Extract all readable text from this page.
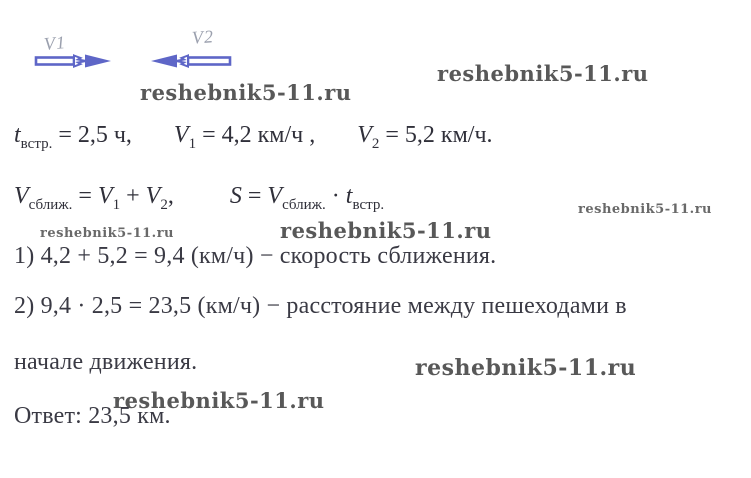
V1	V2
reshebnik5-11.ru
reshebnik5-11.ru
reshebnik5-11.ru
reshebnik5-11.ru	reshebnik5-11.ru
reshebnik5-11.ru
reshebnik5-11.ru
$t_{встр.} = 2,5$ ч, $V_1 = 4,2$ км/ч , $V_2 = 5,2$ км/ч.
$V_{сближ.} = V_1 + V_2$, $S = V_{сближ.} \cdot t_{встр.}$
1) 4,2 + 5,2 = 9,4 (км/ч) − скорость сближения.
2) 9,4 · 2,5 = 23,5 (км/ч) − расстояние между пешеходами в
начале движения.
Ответ: 23,5 км.
